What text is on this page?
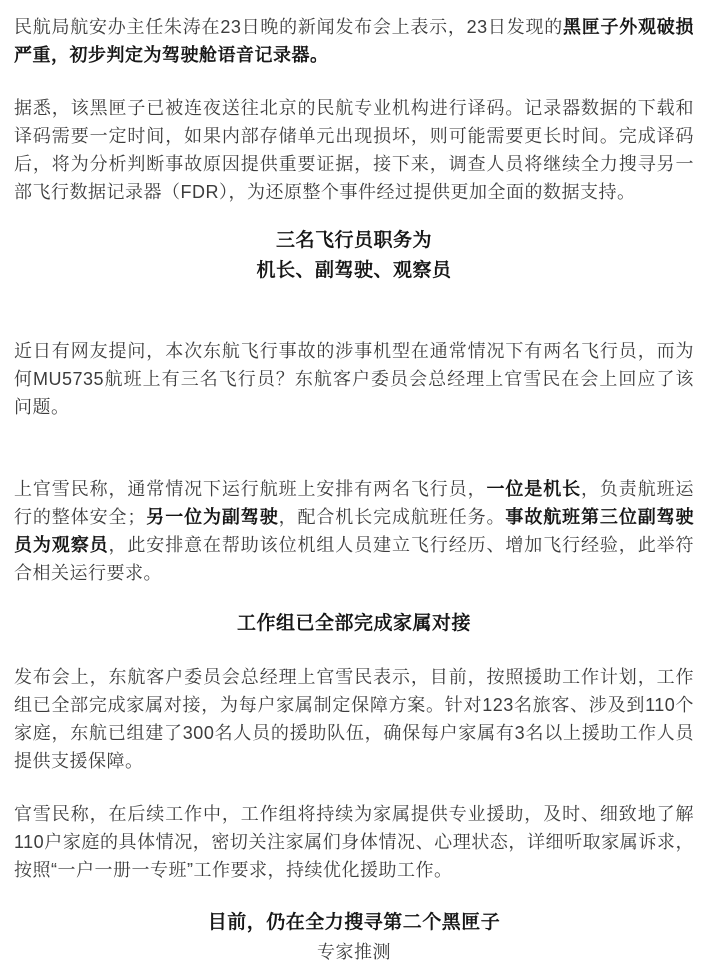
民航局航安办主任朱涛在23日晚的新闻发布会上表示，23日发现的黑匣子外观破损严重，初步判定为驾驶舱语音记录器。

据悉，该黑匣子已被连夜送往北京的民航专业机构进行译码。记录器数据的下载和译码需要一定时间，如果内部存储单元出现损坏，则可能需要更长时间。完成译码后，将为分析判断事故原因提供重要证据，接下来，调查人员将继续全力搜寻另一部飞行数据记录器（FDR），为还原整个事件经过提供更加全面的数据支持。

三名飞行员职务为
机长、副驾驶、观察员

近日有网友提问，本次东航飞行事故的涉事机型在通常情况下有两名飞行员，而为何MU5735航班上有三名飞行员？东航客户委员会总经理上官雪民在会上回应了该问题。

上官雪民称，通常情况下运行航班上安排有两名飞行员，一位是机长，负责航班运行的整体安全；另一位为副驾驶，配合机长完成航班任务。事故航班第三位副驾驶员为观察员，此安排意在帮助该位机组人员建立飞行经历、增加飞行经验，此举符合相关运行要求。

工作组已全部完成家属对接

发布会上，东航客户委员会总经理上官雪民表示，目前，按照援助工作计划，工作组已全部完成家属对接，为每户家属制定保障方案。针对123名旅客、涉及到110个家庭，东航已组建了300名人员的援助队伍，确保每户家属有3名以上援助工作人员提供支援保障。

官雪民称，在后续工作中，工作组将持续为家属提供专业援助，及时、细致地了解110户家庭的具体情况，密切关注家属们身体情况、心理状态，详细听取家属诉求，按照“一户一册一专班”工作要求，持续优化援助工作。

目前，仍在全力搜寻第二个黑匣子

专家推测
